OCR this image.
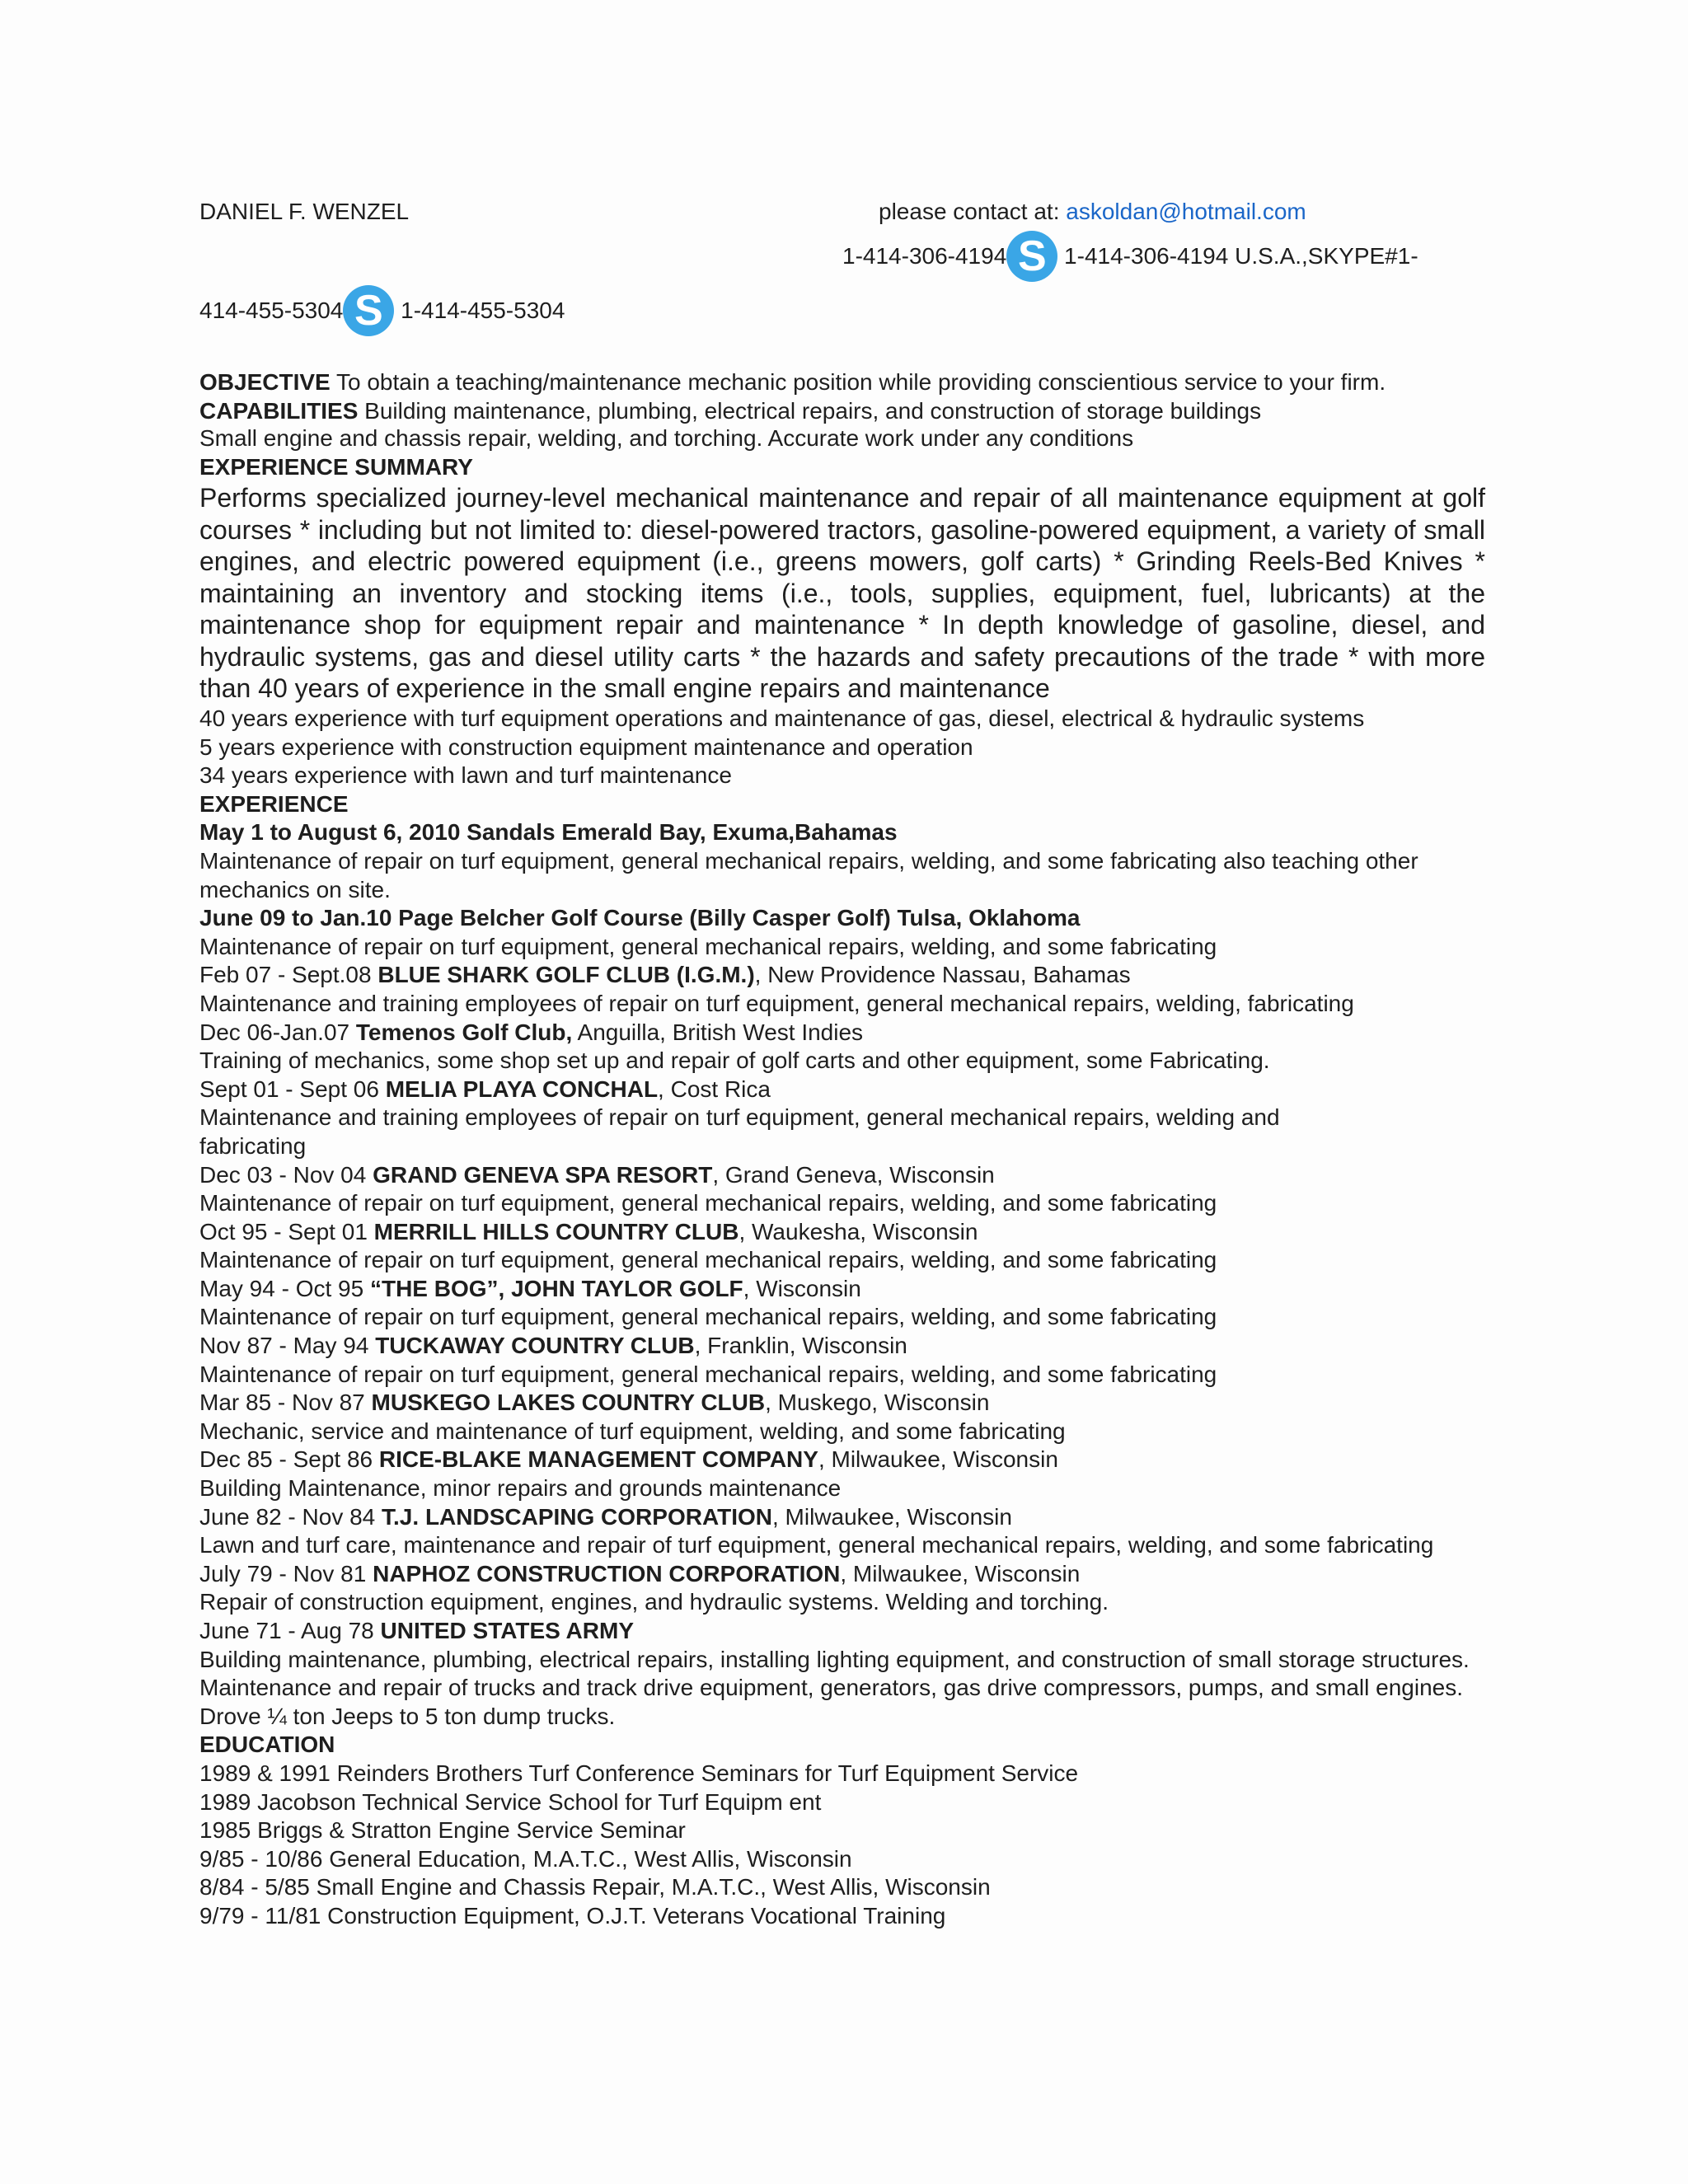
DANIEL F. WENZEL	please contact at: askoldan@hotmail.com
1-414-306-4194 S 1-414-306-4194 U.S.A.,SKYPE#1-
414-455-5304 S 1-414-455-5304
OBJECTIVE To obtain a teaching/maintenance mechanic position while providing conscientious service to your firm.
CAPABILITIES Building maintenance, plumbing, electrical repairs, and construction of storage buildings
Small engine and chassis repair, welding, and torching. Accurate work under any conditions
EXPERIENCE SUMMARY
Performs specialized journey-level mechanical maintenance and repair of all maintenance equipment at golf courses * including but not limited to: diesel-powered tractors, gasoline-powered equipment, a variety of small engines, and electric powered equipment (i.e., greens mowers, golf carts) * Grinding Reels-Bed Knives * maintaining an inventory and stocking items (i.e., tools, supplies, equipment, fuel, lubricants) at the maintenance shop for equipment repair and maintenance * In depth knowledge of gasoline, diesel, and hydraulic systems, gas and diesel utility carts * the hazards and safety precautions of the trade * with more than 40 years of experience in the small engine repairs and maintenance
40 years experience with turf equipment operations and maintenance of gas, diesel, electrical & hydraulic systems
5 years experience with construction equipment maintenance and operation
34 years experience with lawn and turf maintenance
EXPERIENCE
May 1 to August 6, 2010 Sandals Emerald Bay, Exuma,Bahamas
Maintenance of repair on turf equipment, general mechanical repairs, welding, and some fabricating also teaching other mechanics on site.
June 09 to Jan.10 Page Belcher Golf Course (Billy Casper Golf) Tulsa, Oklahoma
Maintenance of repair on turf equipment, general mechanical repairs, welding, and some fabricating
Feb 07 - Sept.08 BLUE SHARK GOLF CLUB (I.G.M.), New Providence Nassau, Bahamas
Maintenance and training employees of repair on turf equipment, general mechanical repairs, welding, fabricating
Dec 06-Jan.07 Temenos Golf Club, Anguilla, British West Indies
Training of mechanics, some shop set up and repair of golf carts and other equipment, some Fabricating.
Sept 01 - Sept 06 MELIA PLAYA CONCHAL, Cost Rica
Maintenance and training employees of repair on turf equipment, general mechanical repairs, welding and fabricating
Dec 03 - Nov 04 GRAND GENEVA SPA RESORT, Grand Geneva, Wisconsin
Maintenance of repair on turf equipment, general mechanical repairs, welding, and some fabricating
Oct 95 - Sept 01 MERRILL HILLS COUNTRY CLUB, Waukesha, Wisconsin
Maintenance of repair on turf equipment, general mechanical repairs, welding, and some fabricating
May 94 - Oct 95 “THE BOG”, JOHN TAYLOR GOLF, Wisconsin
Maintenance of repair on turf equipment, general mechanical repairs, welding, and some fabricating
Nov 87 - May 94 TUCKAWAY COUNTRY CLUB, Franklin, Wisconsin
Maintenance of repair on turf equipment, general mechanical repairs, welding, and some fabricating
Mar 85 - Nov 87 MUSKEGO LAKES COUNTRY CLUB, Muskego, Wisconsin
Mechanic, service and maintenance of turf equipment, welding, and some fabricating
Dec 85 - Sept 86 RICE-BLAKE MANAGEMENT COMPANY, Milwaukee, Wisconsin
Building Maintenance, minor repairs and grounds maintenance
June 82 - Nov 84 T.J. LANDSCAPING CORPORATION, Milwaukee, Wisconsin
Lawn and turf care, maintenance and repair of turf equipment, general mechanical repairs, welding, and some fabricating
July 79 - Nov 81 NAPHOZ CONSTRUCTION CORPORATION, Milwaukee, Wisconsin
Repair of construction equipment, engines, and hydraulic systems. Welding and torching.
June 71 - Aug 78 UNITED STATES ARMY
Building maintenance, plumbing, electrical repairs, installing lighting equipment, and construction of small storage structures. Maintenance and repair of trucks and track drive equipment, generators, gas drive compressors, pumps, and small engines. Drove ¼ ton Jeeps to 5 ton dump trucks.
EDUCATION
1989 & 1991 Reinders Brothers Turf Conference Seminars for Turf Equipment Service
1989 Jacobson Technical Service School for Turf Equipm ent
1985 Briggs & Stratton Engine Service Seminar
9/85 - 10/86 General Education, M.A.T.C., West Allis, Wisconsin
8/84 - 5/85 Small Engine and Chassis Repair, M.A.T.C., West Allis, Wisconsin
9/79 - 11/81 Construction Equipment, O.J.T. Veterans Vocational Training
